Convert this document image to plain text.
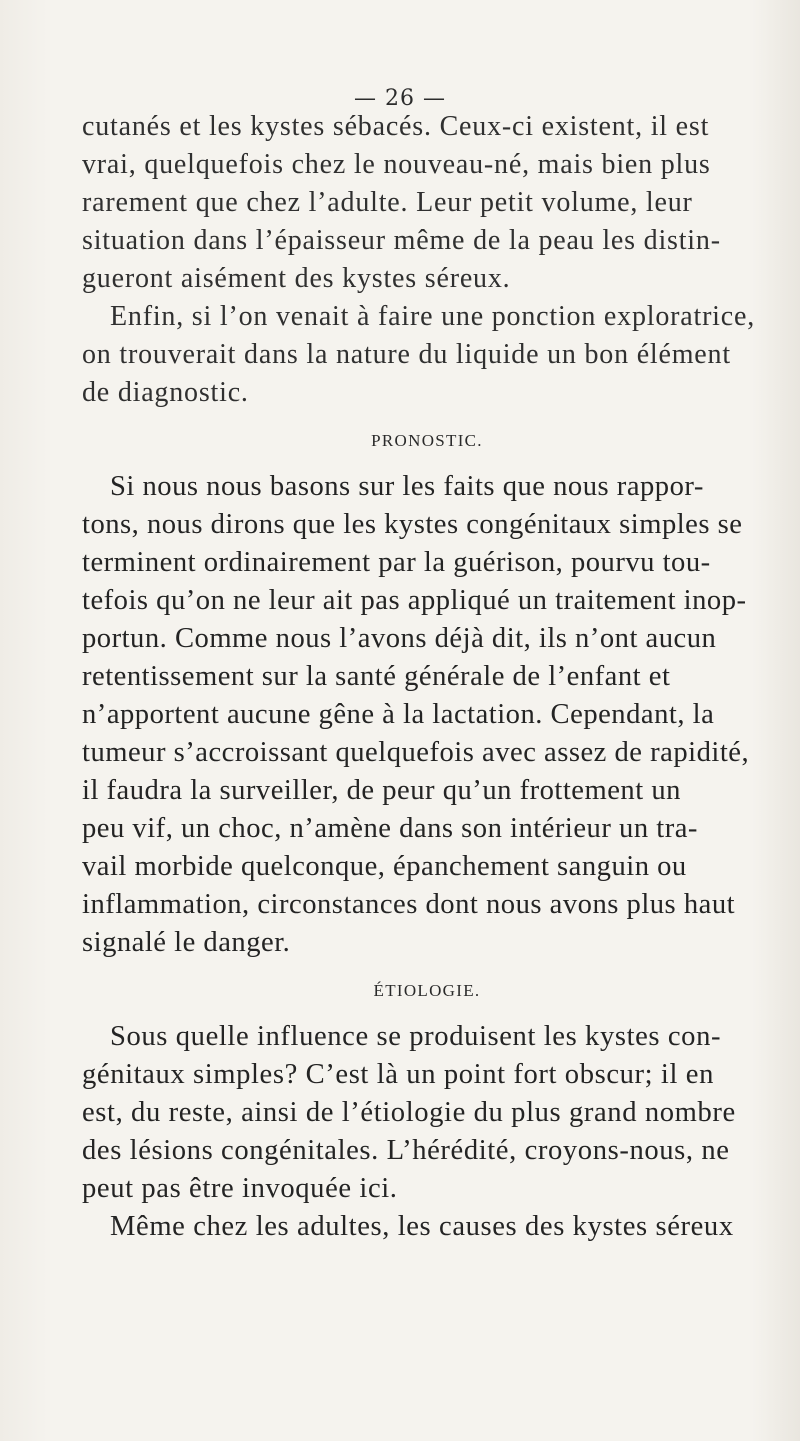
— 26 —
cutanés et les kystes sébacés. Ceux-ci existent, il est
vrai, quelquefois chez le nouveau-né, mais bien plus
rarement que chez l’adulte. Leur petit volume, leur
situation dans l’épaisseur même de la peau les distin-
gueront aisément des kystes séreux.
Enfin, si l’on venait à faire une ponction exploratrice,
on trouverait dans la nature du liquide un bon élément
de diagnostic.
PRONOSTIC.
Si nous nous basons sur les faits que nous rappor-
tons, nous dirons que les kystes congénitaux simples se
terminent ordinairement par la guérison, pourvu tou-
tefois qu’on ne leur ait pas appliqué un traitement inop-
portun. Comme nous l’avons déjà dit, ils n’ont aucun
retentissement sur la santé générale de l’enfant et
n’apportent aucune gêne à la lactation. Cependant, la
tumeur s’accroissant quelquefois avec assez de rapidité,
il faudra la surveiller, de peur qu’un frottement un
peu vif, un choc, n’amène dans son intérieur un tra-
vail morbide quelconque, épanchement sanguin ou
inflammation, circonstances dont nous avons plus haut
signalé le danger.
ÉTIOLOGIE.
Sous quelle influence se produisent les kystes con-
génitaux simples? C’est là un point fort obscur; il en
est, du reste, ainsi de l’étiologie du plus grand nombre
des lésions congénitales. L’hérédité, croyons-nous, ne
peut pas être invoquée ici.
Même chez les adultes, les causes des kystes séreux
